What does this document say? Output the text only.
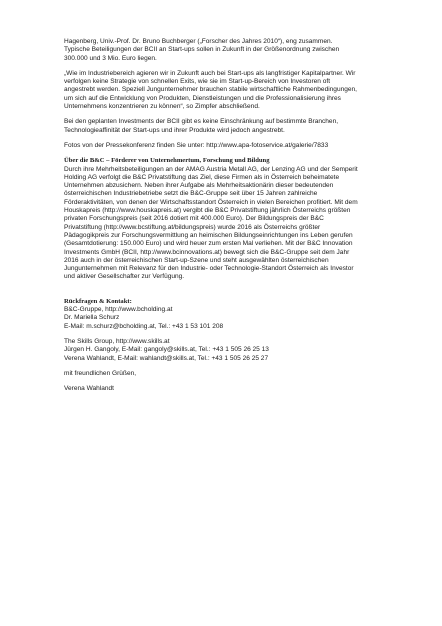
Hagenberg, Univ.-Prof. Dr. Bruno Buchberger („Forscher des Jahres 2010“), eng zusammen.
Typische Beteiligungen der BCII an Start-ups sollen in Zukunft in der Größenordnung zwischen
300.000 und 3 Mio. Euro liegen.
„Wie im Industriebereich agieren wir in Zukunft auch bei Start-ups als langfristiger Kapitalpartner. Wir
verfolgen keine Strategie von schnellen Exits, wie sie im Start-up-Bereich von Investoren oft
angestrebt werden. Speziell Jungunternehmer brauchen stabile wirtschaftliche Rahmenbedingungen,
um sich auf die Entwicklung von Produkten, Dienstleistungen und die Professionalisierung ihres
Unternehmens konzentrieren zu können“, so Zimpfer abschließend.
Bei den geplanten Investments der BCII gibt es keine Einschränkung auf bestimmte Branchen,
Technologieaffinität der Start-ups und ihrer Produkte wird jedoch angestrebt.
Fotos von der Pressekonferenz finden Sie unter: http://www.apa-fotoservice.at/galerie/7833
Über die B&C – Förderer von Unternehmertum, Forschung und Bildung
Durch ihre Mehrheitsbeteiligungen an der AMAG Austria Metall AG, der Lenzing AG und der Semperit
Holding AG verfolgt die B&C Privatstiftung das Ziel, diese Firmen als in Österreich beheimatete
Unternehmen abzusichern. Neben ihrer Aufgabe als Mehrheitsaktionärin dieser bedeutenden
österreichischen Industriebetriebe setzt die B&C-Gruppe seit über 15 Jahren zahlreiche
Förderaktivitäten, von denen der Wirtschaftsstandort Österreich in vielen Bereichen profitiert. Mit dem
Houskapreis (http://www.houskapreis.at) vergibt die B&C Privatstiftung jährlich Österreichs größten
privaten Forschungspreis (seit 2016 dotiert mit 400.000 Euro). Der Bildungspreis der B&C
Privatstiftung (http://www.bcstiftung.at/bildungspreis) wurde 2016 als Österreichs größter
Pädagogikpreis zur Forschungsvermittlung an heimischen Bildungseinrichtungen ins Leben gerufen
(Gesamtdotierung: 150.000 Euro) und wird heuer zum ersten Mal verliehen. Mit der B&C Innovation
Investments GmbH (BCII, http://www.bcinnovations.at) bewegt sich die B&C-Gruppe seit dem Jahr
2016 auch in der österreichischen Start-up-Szene und steht ausgewählten österreichischen
Jungunternehmen mit Relevanz für den Industrie- oder Technologie-Standort Österreich als Investor
und aktiver Gesellschafter zur Verfügung.
Rückfragen & Kontakt:
B&C-Gruppe, http://www.bcholding.at
Dr. Mariella Schurz
E-Mail: m.schurz@bcholding.at, Tel.: +43 1 53 101 208
The Skills Group, http://www.skills.at
Jürgen H. Gangoly, E-Mail: gangoly@skills.at, Tel.: +43 1 505 26 25 13
Verena Wahlandt, E-Mail: wahlandt@skills.at, Tel.: +43 1 505 26 25 27
mit freundlichen Grüßen,
Verena Wahlandt
